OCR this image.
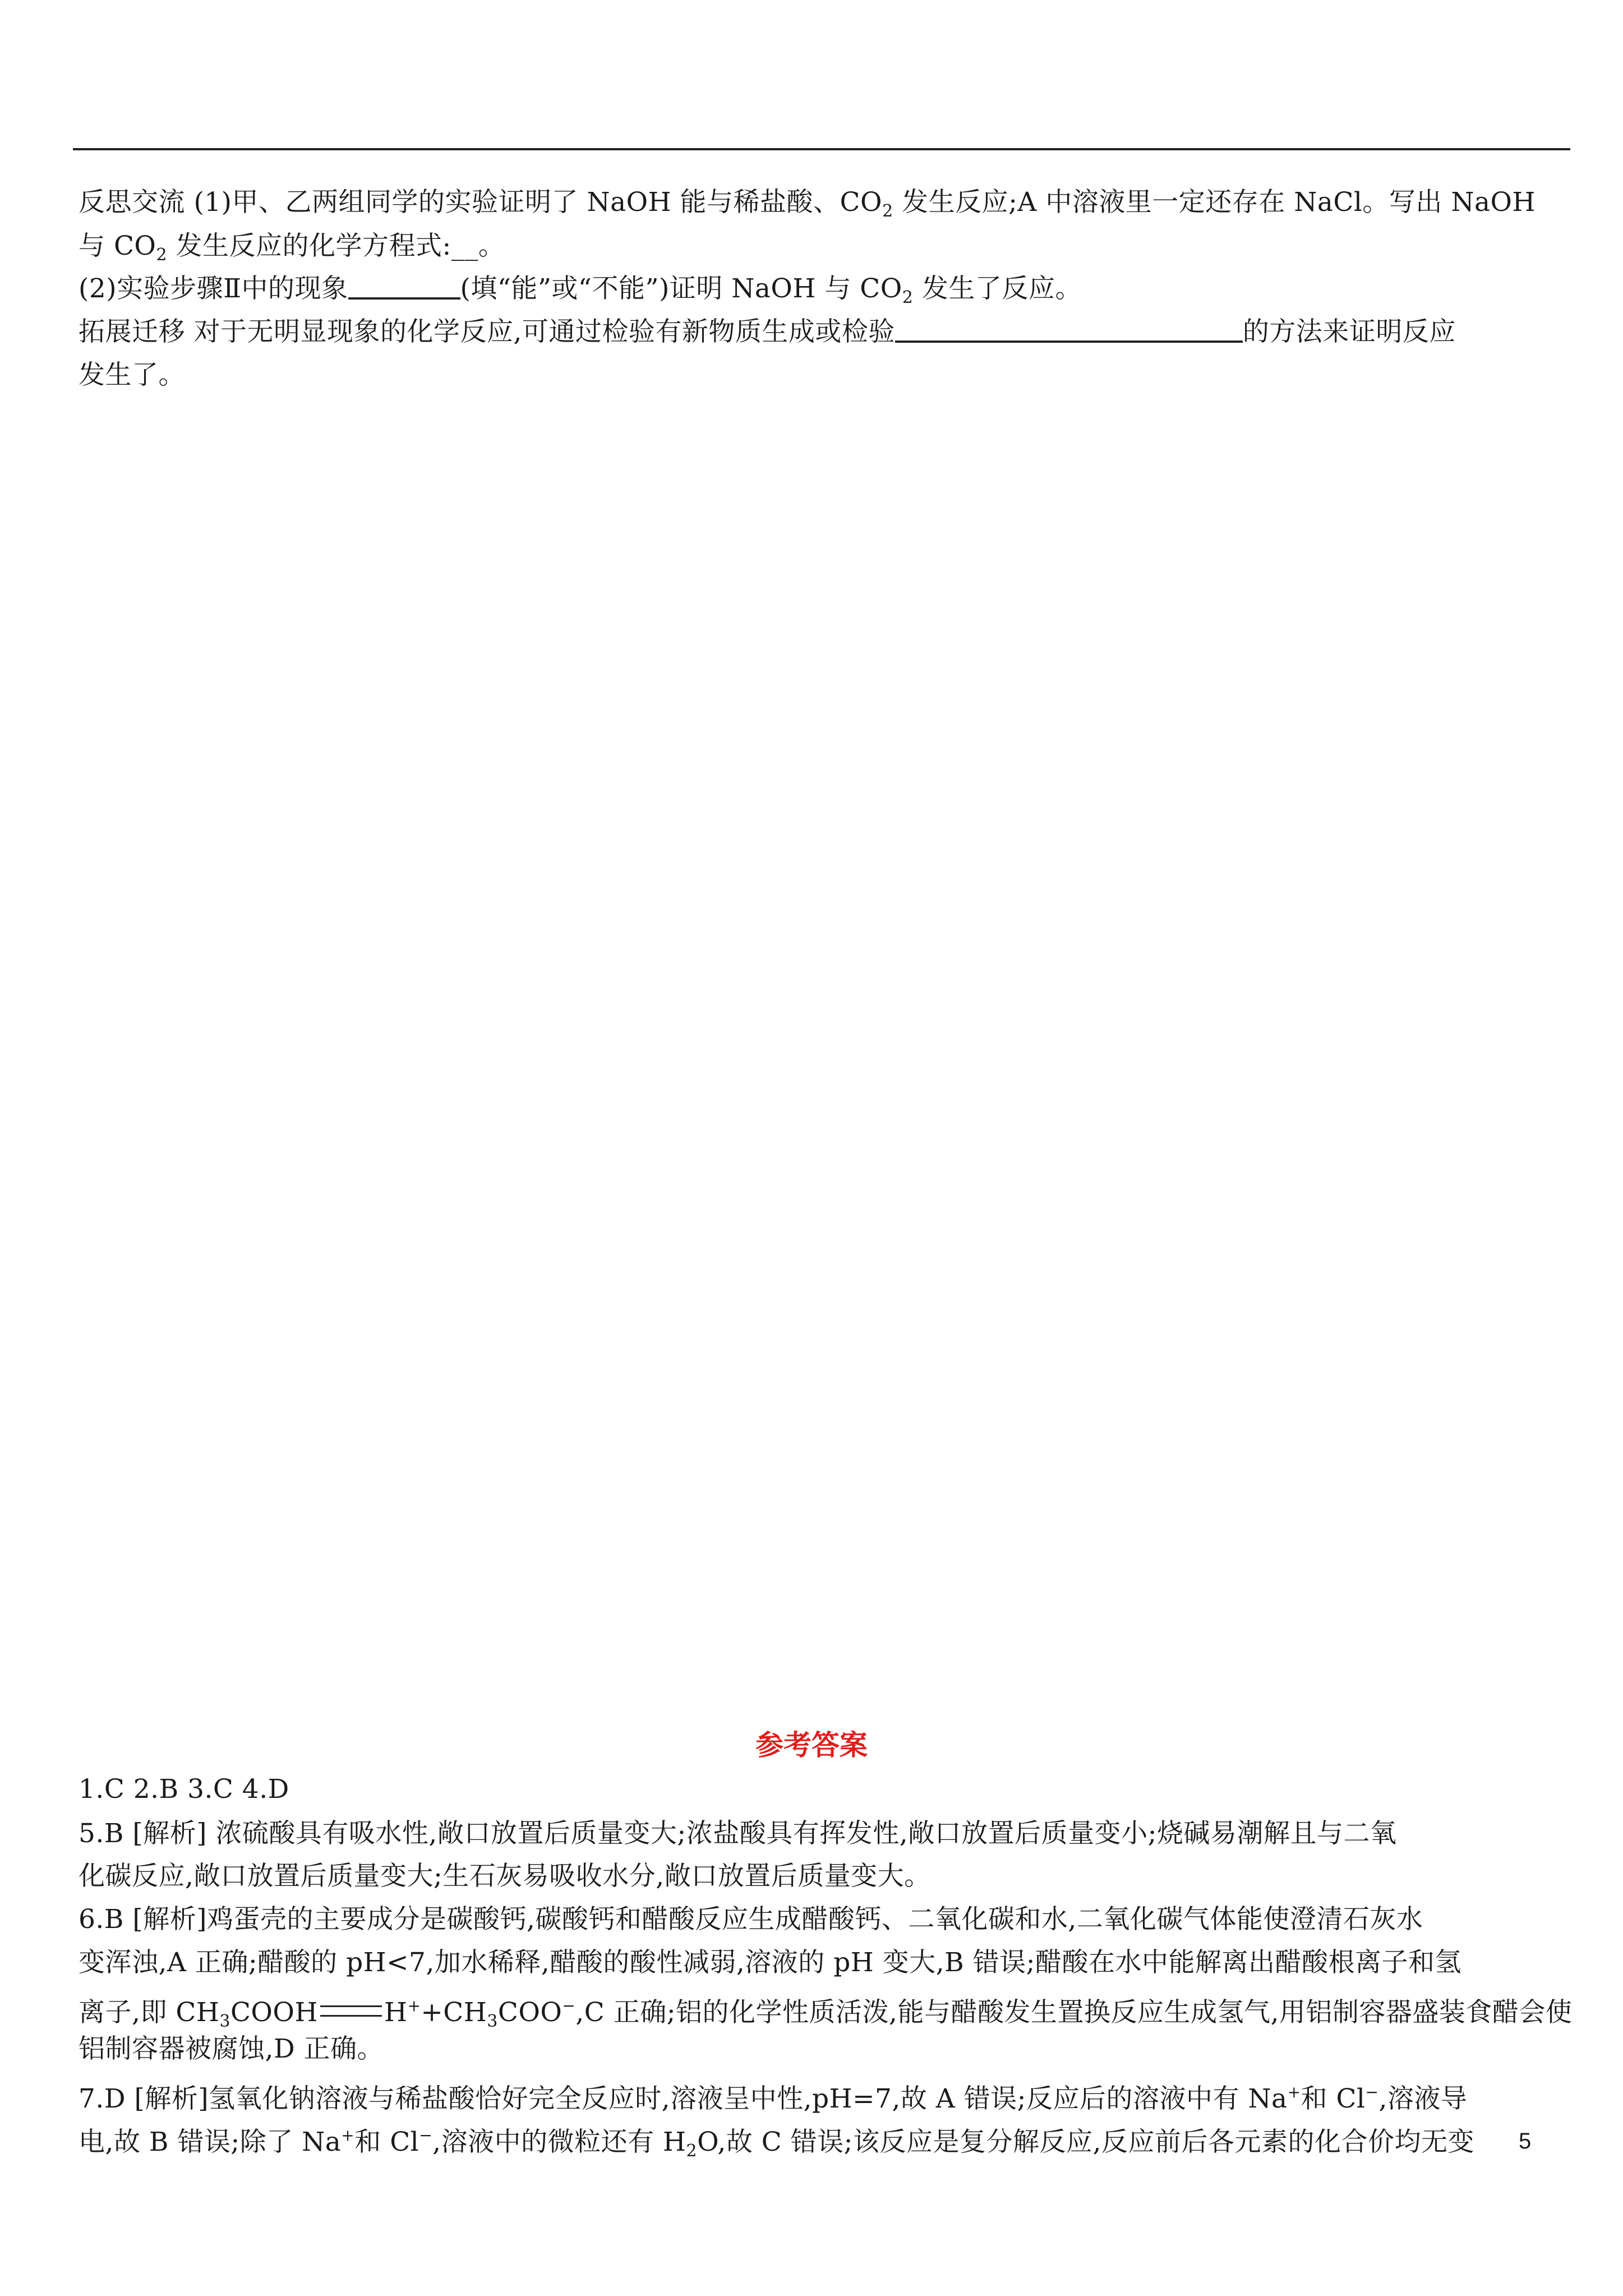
反思交流 (1)甲、乙两组同学的实验证明了 NaOH 能与稀盐酸、$CO_2$ 发生反应;A 中溶液里一定还存在 NaCl。写出 NaOH
与 $CO_2$ 发生反应的化学方程式:__。
(2)实验步骤Ⅱ中的现象	(填“能”或“不能”)证明 NaOH 与 $CO_2$ 发生了反应。
拓展迁移 对于无明显现象的化学反应,可通过检验有新物质生成或检验	的方法来证明反应
发生了。
参考答案
1.C 2.B 3.C 4.D
5.B [解析] 浓硫酸具有吸水性,敞口放置后质量变大;浓盐酸具有挥发性,敞口放置后质量变小;烧碱易潮解且与二氧
化碳反应,敞口放置后质量变大;生石灰易吸收水分,敞口放置后质量变大。
6.B [解析]鸡蛋壳的主要成分是碳酸钙,碳酸钙和醋酸反应生成醋酸钙、二氧化碳和水,二氧化碳气体能使澄清石灰水
变浑浊,A 正确;醋酸的 pH<7,加水稀释,醋酸的酸性减弱,溶液的 pH 变大,B 错误;醋酸在水中能解离出醋酸根离子和氢
离子,即 $CH_3COOH$	$H^++CH_3COO^-,C$ 正确;铝的化学性质活泼,能与醋酸发生置换反应生成氢气,用铝制容器盛装食醋会使
铝制容器被腐蚀,D 正确。
7.D [解析]氢氧化钠溶液与稀盐酸恰好完全反应时,溶液呈中性,pH=7,故 A 错误;反应后的溶液中有 Na+和 Cl−,溶液导
电,故 B 错误;除了 Na+和 Cl−,溶液中的微粒还有 $H_2O$,故 C 错误;该反应是复分解反应,反应前后各元素的化合价均无变 5
